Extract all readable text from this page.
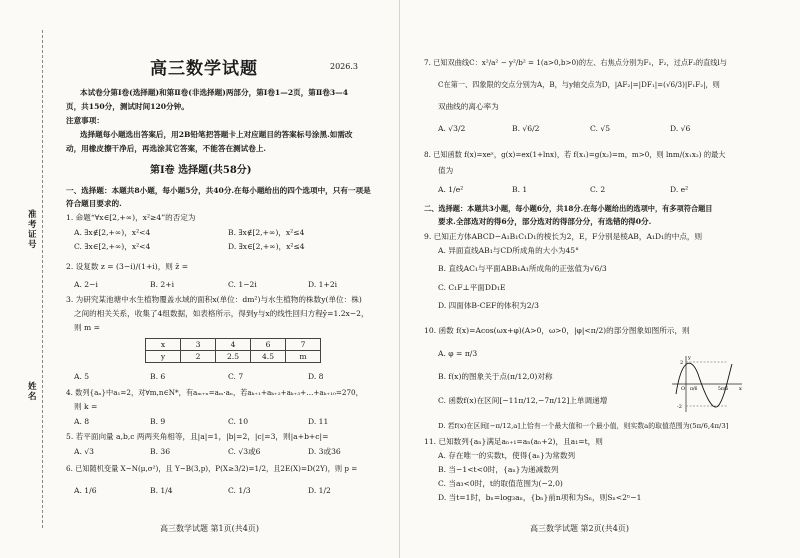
准考证号
姓名
高三数学试题	2026.3
本试卷分第Ⅰ卷(选择题)和第Ⅱ卷(非选择题)两部分，第Ⅰ卷1—2页，第Ⅱ卷3—4
页，共150分，测试时间120分钟。
注意事项：
选择题每小题选出答案后，用2B铅笔把答题卡上对应题目的答案标号涂黑.如需改
动，用橡皮擦干净后，再选涂其它答案，不能答在测试卷上.
第Ⅰ卷 选择题(共58分)
一、选择题：本题共8小题，每小题5分，共40分.在每小题给出的四个选项中，只有一项是
符合题目要求的.
1. 命题“∀x∈[2,+∞)，x²≥4”的否定为
A. ∃x∉[2,+∞)，x²<4	B. ∃x∉[2,+∞)，x²≤4
C. ∃x∈[2,+∞)，x²<4	D. ∃x∈[2,+∞)，x²≤4
2. 设复数 z = (3−i)/(1+i)，则 z̄ =
A. 2−i	B. 2+i	C. 1−2i	D. 1+2i
3. 为研究某池塘中水生植物覆盖水域的面积x(单位：dm²)与水生植物的株数y(单位：株)
之间的相关关系，收集了4组数据，如表格所示，得到y与x的线性回归方程ŷ=1.2x−2，
则 m =
x	3	4	6	7
y	2	2.5	4.5	m
A. 5	B. 6	C. 7	D. 8
4. 数列{aₙ}中a₁=2，对∀m,n∈N*，有aₘ₊ₙ=aₘ·aₙ，若aₖ₊₁+aₖ₊₂+aₖ₊₃+…+aₖ₊₁₀=270，
则 k =
A. 8	B. 9	C. 10	D. 11
5. 若平面向量 a,b,c 两两夹角相等，且|a|=1，|b|=2，|c|=3，则|a+b+c|=
A. √3	B. 36	C. √3或6	D. 3或36
6. 已知随机变量 X~N(μ,σ²)，且 Y~B(3,p)，P(X≥3/2)=1/2，且2E(X)=D(2Y)，则 p =
A. 1/6	B. 1/4	C. 1/3	D. 1/2
高三数学试题 第1页(共4页)
7. 已知双曲线C：x²/a² − y²/b² = 1(a>0,b>0)的左、右焦点分别为F₁，F₂，过点F₂的直线l与
C在第一、四象限的交点分别为A，B，与y轴交点为D，|AF₂|=|DF₁|=(√6/3)|F₁F₂|，则
双曲线的离心率为
A. √3/2	B. √6/2	C. √5	D. √6
8. 已知函数 f(x)=xeˣ，g(x)=ex(1+lnx)，若 f(x₁)=g(x₂)=m，m>0，则 lnm/(x₁x₂) 的最大
值为
A. 1/e²	B. 1	C. 2	D. e²
二、选择题：本题共3小题，每小题6分，共18分.在每小题给出的选项中，有多项符合题目
要求.全部选对的得6分，部分选对的得部分分，有选错的得0分.
9. 已知正方体ABCD−A₁B₁C₁D₁的棱长为2，E，F分别是棱AB，A₁D₁的中点，则
A. 异面直线AB₁与CD所成角的大小为45°
B. 直线AC₁与平面ABB₁A₁所成角的正弦值为√6/3
C. C₁F⊥平面DD₁E
D. 四面体B-CEF的体积为2/3
10. 函数 f(x)=Acos(ωx+φ)(A>0，ω>0，|φ|<π/2)的部分图象如图所示，则
A. φ = π/3
B. f(x)的图象关于点(π/12,0)对称
C. 函数f(x)在区间[−11π/12,−7π/12]上单调递增
D. 若f(x)在区间[−π/12,a]上恰有一个最大值和一个最小值，则实数a的取值范围为(5π/6,4π/3]
11. 已知数列{aₙ}满足aₙ₊₁=aₙ(aₙ+2)，且a₁=t，则
A. 存在唯一的实数t，使得{aₙ}为常数列
B. 当−1<t<0时，{aₙ}为递减数列
C. 当a₃<0时，t的取值范围为(−2,0)
D. 当t=1时，bₙ=log₃aₙ，{bₙ}前n项和为Sₙ，则Sₙ<2ⁿ−1
高三数学试题 第2页(共4页)
2
-2
O	x
y
π/6	5π/6
